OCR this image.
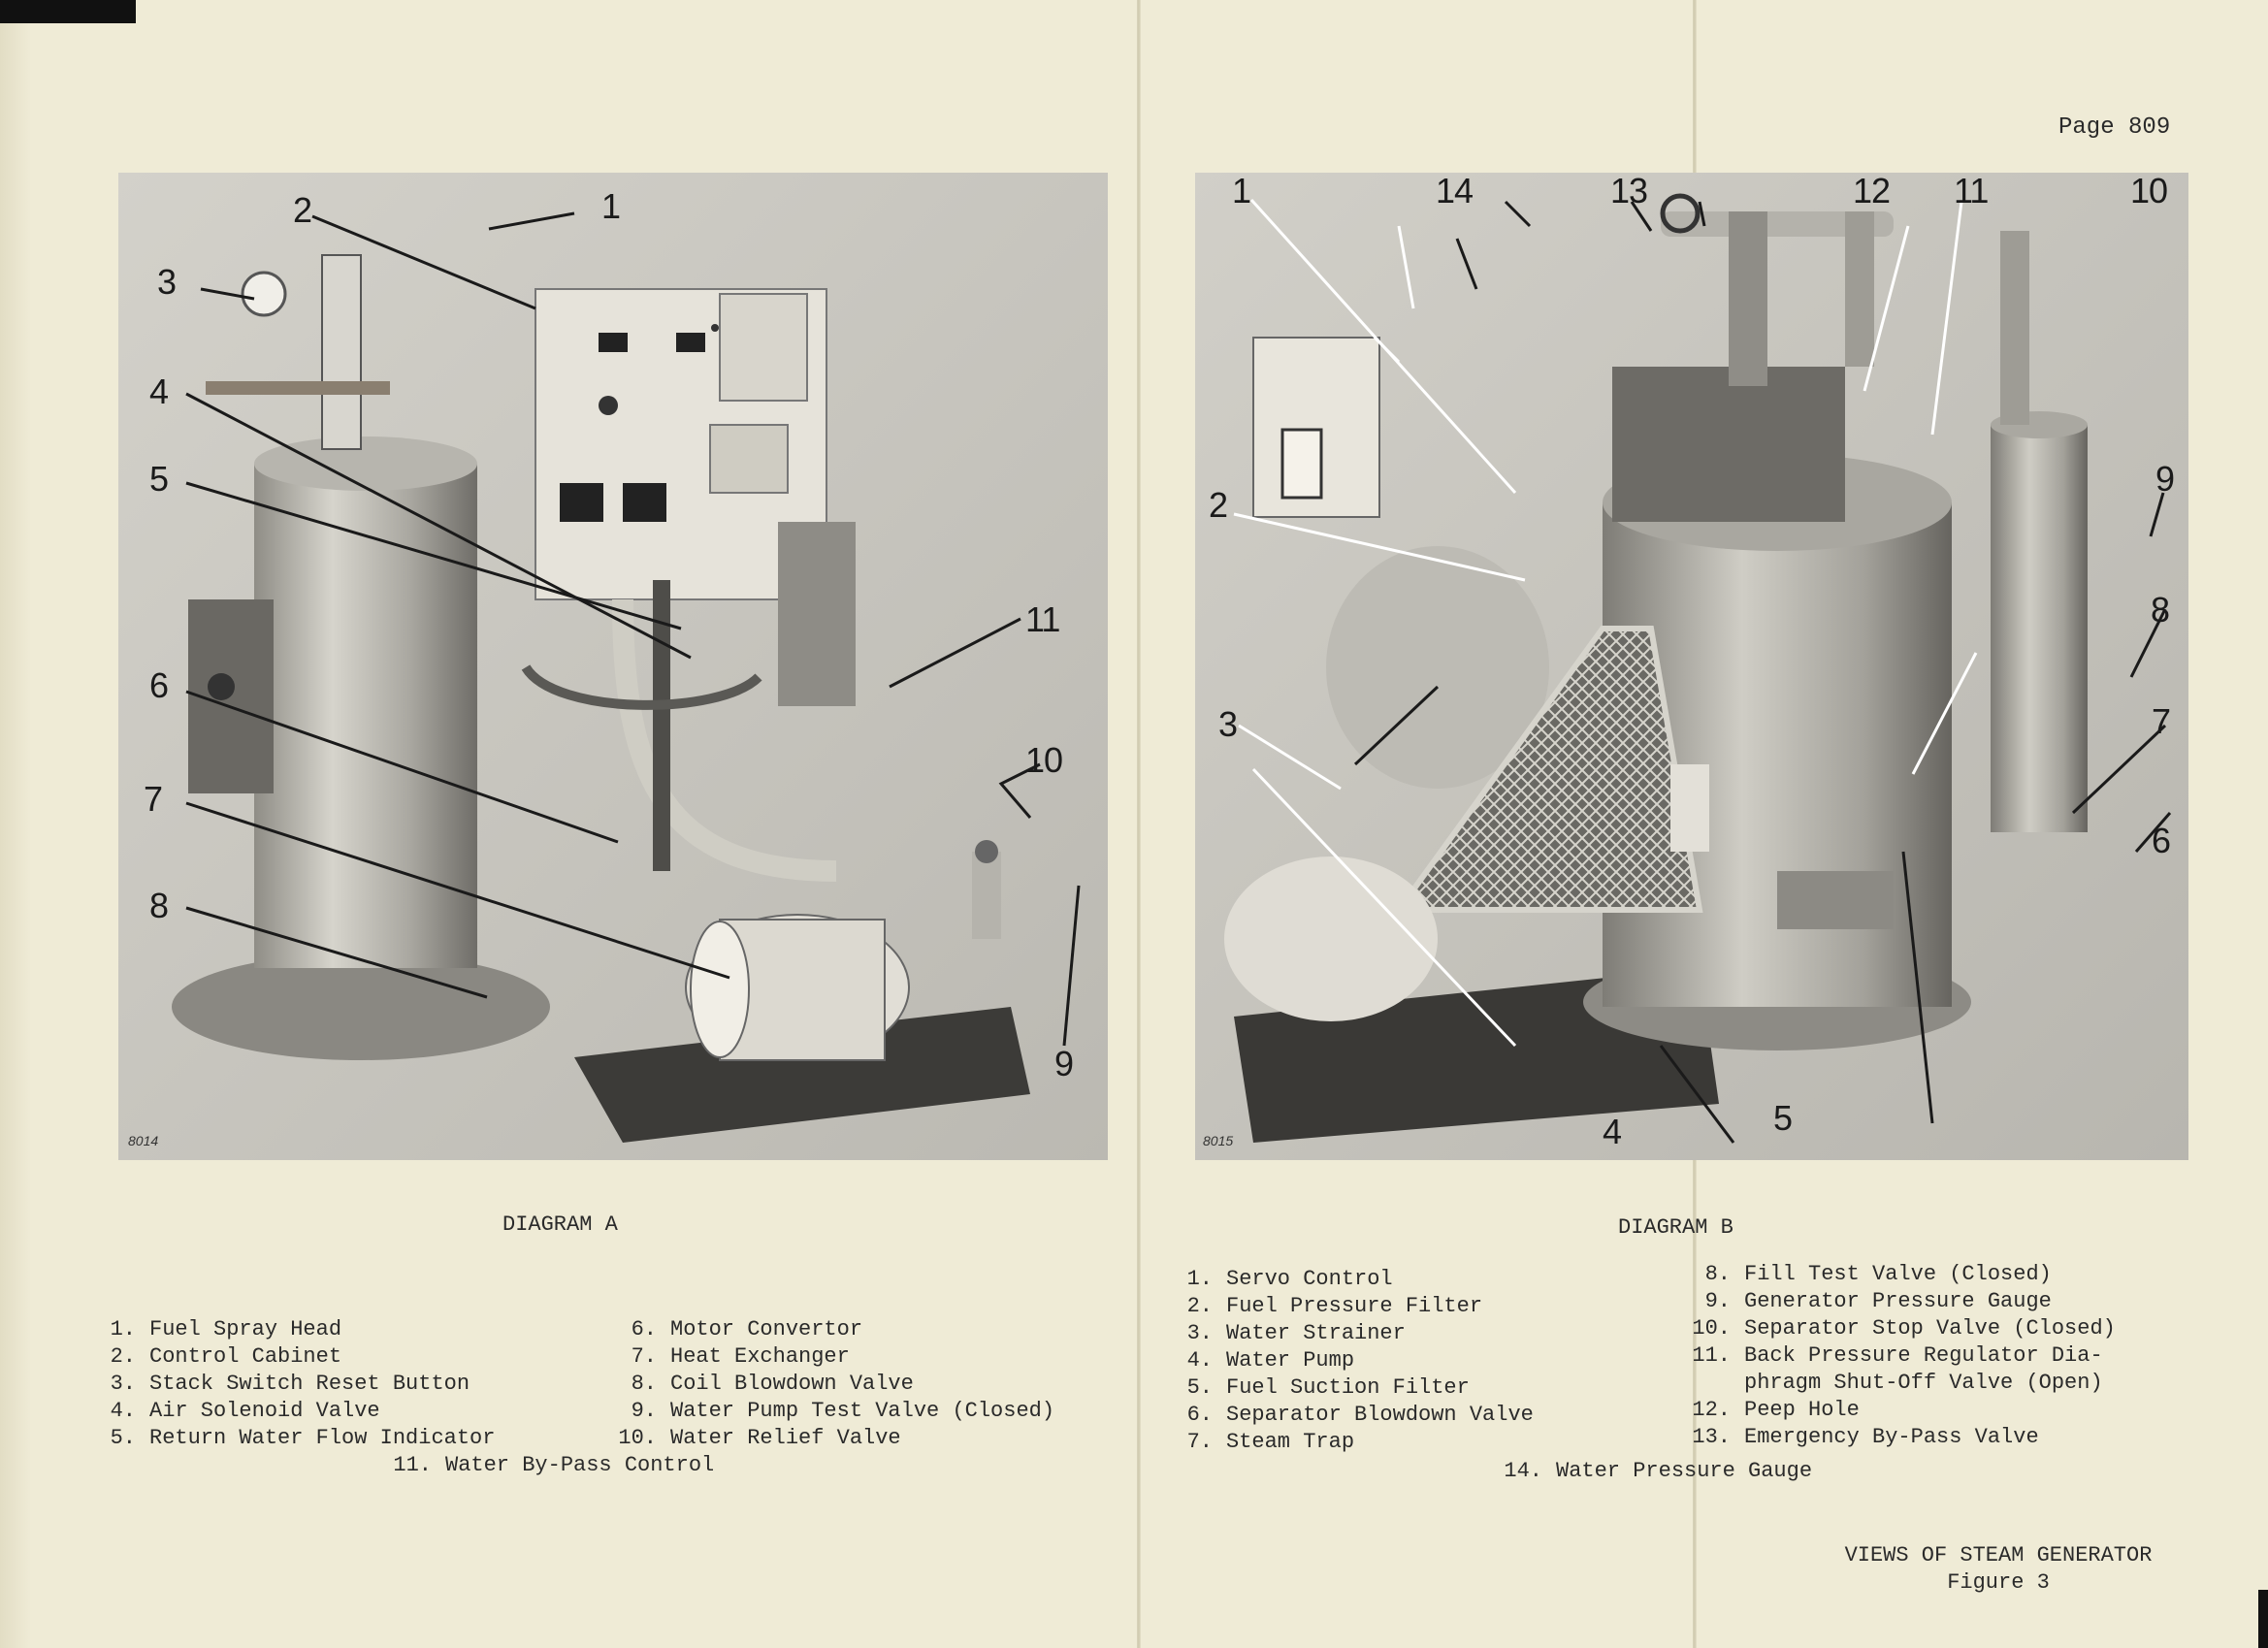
Page 809
8014
1
2
3
4
5
6
7
8
9
10
11
8015
1
2
3
4	5
6
7
8
9
10
11
12
13
14
DIAGRAM A
1. Fuel Spray Head
2. Control Cabinet
3. Stack Switch Reset Button
4. Air Solenoid Valve
5. Return Water Flow Indicator
6. Motor Convertor
7. Heat Exchanger
8. Coil Blowdown Valve
9. Water Pump Test Valve (Closed)
10. Water Relief Valve
11. Water By-Pass Control
DIAGRAM B
1. Servo Control
2. Fuel Pressure Filter
3. Water Strainer
4. Water Pump
5. Fuel Suction Filter
6. Separator Blowdown Valve
7. Steam Trap
8. Fill Test Valve (Closed)
9. Generator Pressure Gauge
10. Separator Stop Valve (Closed)
11. Back Pressure Regulator Dia-
phragm Shut-Off Valve (Open)
12. Peep Hole
13. Emergency By-Pass Valve
14. Water Pressure Gauge
VIEWS OF STEAM GENERATOR
Figure 3
